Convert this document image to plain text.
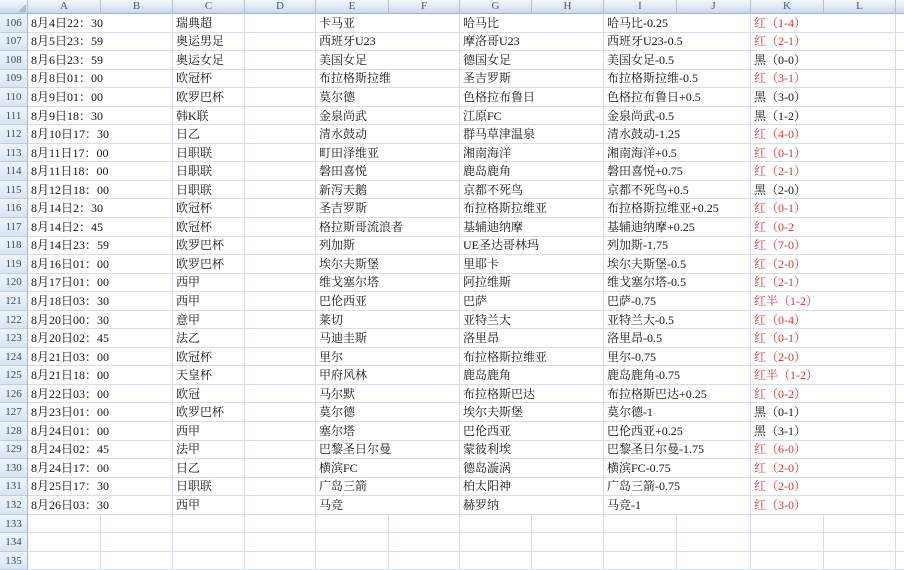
A	B	C	D	E	F	G	H	I	J	K	L
106 8月4日22：30	瑞典超	卡马亚	哈马比	哈马比-0.25	红（1-4）
107 8月5日23：59	奥运男足	西班牙U23	摩洛哥U23	西班牙U23-0.5	红（2-1）
108 8月6日23：59	奥运女足	美国女足	德国女足	美国女足-0.5	黑（0-0）
109 8月8日01：00	欧冠杯	布拉格斯拉维	圣吉罗斯	布拉格斯拉维-0.5	红（3-1）
110 8月9日01：00	欧罗巴杯	莫尔德	色格拉布鲁日	色格拉布鲁日+0.5	黑（3-0）
111 8月9日18：30	韩K联	金泉尚武	江原FC	金泉尚武-0.5	黑（1-2）
112 8月10日17：30	日乙	清水鼓动	群马草津温泉	清水鼓动-1.25	红（4-0）
113 8月11日17：00	日职联	町田泽维亚	湘南海洋	湘南海洋+0.5	红（0-1）
114 8月11日18：00	日职联	磐田喜悦	鹿岛鹿角	磐田喜悦+0.75	红（2-1）
115 8月12日18：00	日职联	新泻天鹅	京都不死鸟	京都不死鸟+0.5	黑（2-0）
116 8月14日2：30	欧冠杯	圣吉罗斯	布拉格斯拉维亚	布拉格斯拉维亚+0.25	红（0-1）
117 8月14日2：45	欧冠杯	格拉斯哥流浪者	基辅迪纳摩	基辅迪纳摩+0.25	红（0-2
118 8月14日23：59	欧罗巴杯	列加斯	UE圣达哥林玛	列加斯-1.75	红（7-0）
119 8月16日01：00	欧罗巴杯	埃尔夫斯堡	里耶卡	埃尔夫斯堡-0.5	红（2-0）
120 8月17日01：00	西甲	维戈塞尔塔	阿拉维斯	维戈塞尔塔-0.5	红（2-1）
121 8月18日03：30	西甲	巴伦西亚	巴萨	巴萨-0.75	红半（1-2）
122 8月20日00：30	意甲	莱切	亚特兰大	亚特兰大-0.5	红（0-4）
123 8月20日02：45	法乙	马迪圭斯	洛里昂	洛里昂-0.5	红（0-1）
124 8月21日03：00	欧冠杯	里尔	布拉格斯拉维亚	里尔-0.75	红（2-0）
125 8月21日18：00	天皇杯	甲府风林	鹿岛鹿角	鹿岛鹿角-0.75	红半（1-2）
126 8月22日03：00	欧冠	马尔默	布拉格斯巴达	布拉格斯巴达+0.25	红（0-2）
127 8月23日01：00	欧罗巴杯	莫尔德	埃尔夫斯堡	莫尔德-1	黑（0-1）
128 8月24日01：00	西甲	塞尔塔	巴伦西亚	巴伦西亚+0.25	黑（3-1）
129 8月24日02：45	法甲	巴黎圣日尔曼	蒙彼利埃	巴黎圣日尔曼-1.75	红（6-0）
130 8月24日17：00	日乙	横滨FC	德岛漩涡	横滨FC-0.75	红（2-0）
131 8月25日17：30	日职联	广岛三箭	柏太阳神	广岛三箭-0.75	红（2-0）
132 8月26日03：30	西甲	马竞	赫罗纳	马竞-1	红（3-0）
133
134
135
